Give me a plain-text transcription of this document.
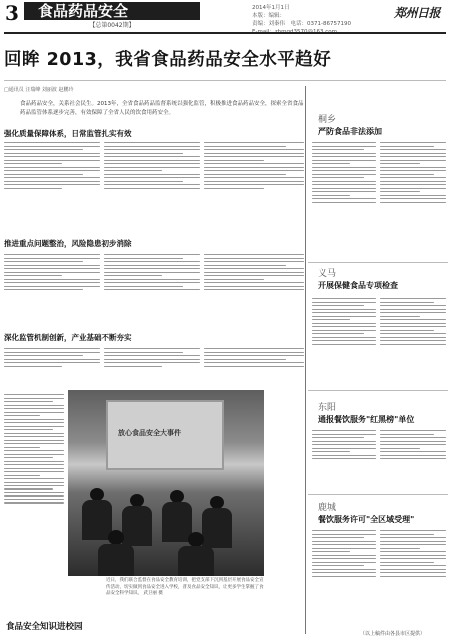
3	食品药品安全
【总第0042期】
2014年1月1日
本版：编辑：
责编：刘秦伟　 电话：0371-86757190
郑州日报
回眸 2013，我省食品药品安全水平趋好
□通讯员 汪瑞峰 刘丽波 赵鹏玲
食品药品安全，关系社会民生。2013年，全省食品药品监督系统以强化监管，积极推进食品药品安全，探索全省食品药品监管体系逐步完善，有效保障了全省人民的饮食用药安全。
强化质量保障体系，日常监管扎实有效
推进重点问题整治，风险隐患初步消除
深化监管机制创新，产业基础不断夯实
放心食品安全大事件
近日，我们联合监督在食品安全教育培训，把党支部下沉到基层开展食品安全宣传活动，切实做到食品安全进入学校，普及食品安全知识，让更多学生掌握了食品安全科学知识。 武卫丽 摄
食品安全知识进校园
桐乡
严防食品非法添加
义马
开展保健食品专项检查
东阳
通报餐饮服务"红黑榜"单位
鹿城
餐饮服务许可"全区域受理"
（以上稿件由各县市区提供）
